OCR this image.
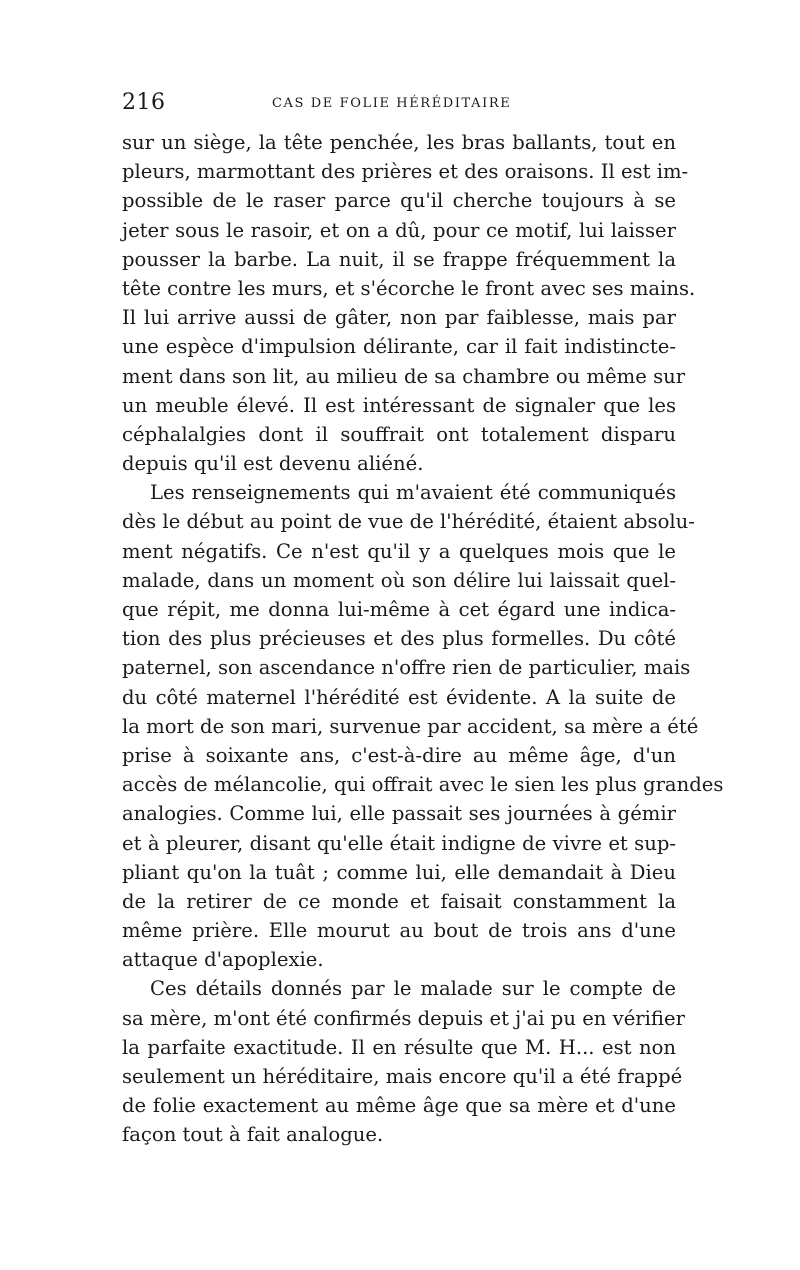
216	CAS DE FOLIE HÉRÉDITAIRE
sur un siège, la tête penchée, les bras ballants, tout en
pleurs, marmottant des prières et des oraisons. Il est im-
possible de le raser parce qu'il cherche toujours à se
jeter sous le rasoir, et on a dû, pour ce motif, lui laisser
pousser la barbe. La nuit, il se frappe fréquemment la
tête contre les murs, et s'écorche le front avec ses mains.
Il lui arrive aussi de gâter, non par faiblesse, mais par
une espèce d'impulsion délirante, car il fait indistincte-
ment dans son lit, au milieu de sa chambre ou même sur
un meuble élevé. Il est intéressant de signaler que les
céphalalgies dont il souffrait ont totalement disparu
depuis qu'il est devenu aliéné.
Les renseignements qui m'avaient été communiqués
dès le début au point de vue de l'hérédité, étaient absolu-
ment négatifs. Ce n'est qu'il y a quelques mois que le
malade, dans un moment où son délire lui laissait quel-
que répit, me donna lui-même à cet égard une indica-
tion des plus précieuses et des plus formelles. Du côté
paternel, son ascendance n'offre rien de particulier, mais
du côté maternel l'hérédité est évidente. A la suite de
la mort de son mari, survenue par accident, sa mère a été
prise à soixante ans, c'est-à-dire au même âge, d'un
accès de mélancolie, qui offrait avec le sien les plus grandes
analogies. Comme lui, elle passait ses journées à gémir
et à pleurer, disant qu'elle était indigne de vivre et sup-
pliant qu'on la tuât ; comme lui, elle demandait à Dieu
de la retirer de ce monde et faisait constamment la
même prière. Elle mourut au bout de trois ans d'une
attaque d'apoplexie.
Ces détails donnés par le malade sur le compte de
sa mère, m'ont été confirmés depuis et j'ai pu en vérifier
la parfaite exactitude. Il en résulte que M. H... est non
seulement un héréditaire, mais encore qu'il a été frappé
de folie exactement au même âge que sa mère et d'une
façon tout à fait analogue.
